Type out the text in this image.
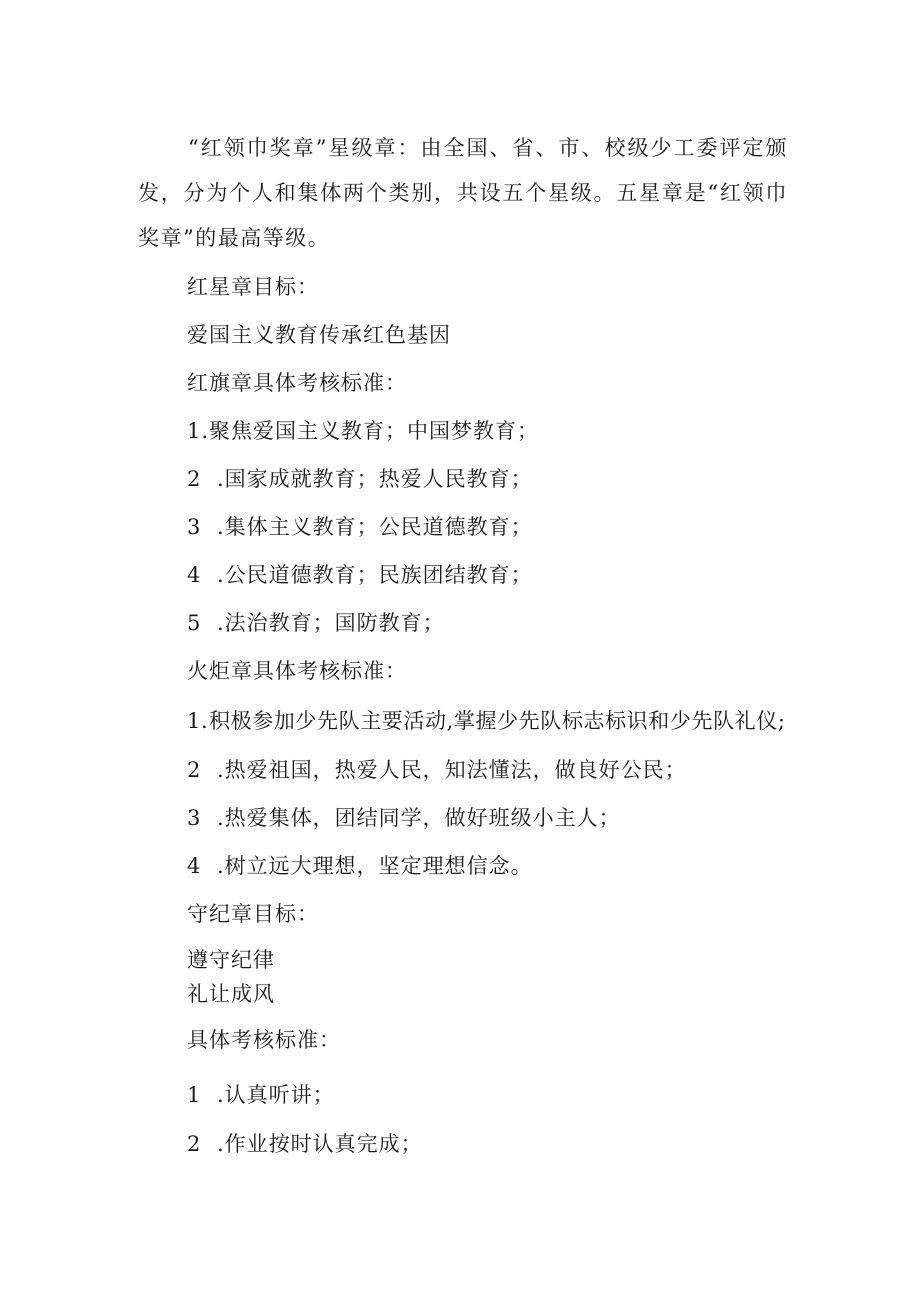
“红领巾奖章”星级章：由全国、省、市、校级少工委评定颁发，分为个人和集体两个类别，共设五个星级。五星章是“红领巾奖章”的最高等级。
红星章目标：
爱国主义教育传承红色基因
红旗章具体考核标准：
1.聚焦爱国主义教育；中国梦教育；
2 .国家成就教育；热爱人民教育；
3 .集体主义教育；公民道德教育；
4 .公民道德教育；民族团结教育；
5 .法治教育；国防教育；
火炬章具体考核标准：
1.积极参加少先队主要活动,掌握少先队标志标识和少先队礼仪;
2 .热爱祖国，热爱人民，知法懂法，做良好公民；
3 .热爱集体，团结同学，做好班级小主人；
4 .树立远大理想，坚定理想信念。
守纪章目标：
遵守纪律
礼让成风
具体考核标准：
1 .认真听讲；
2 .作业按时认真完成；
